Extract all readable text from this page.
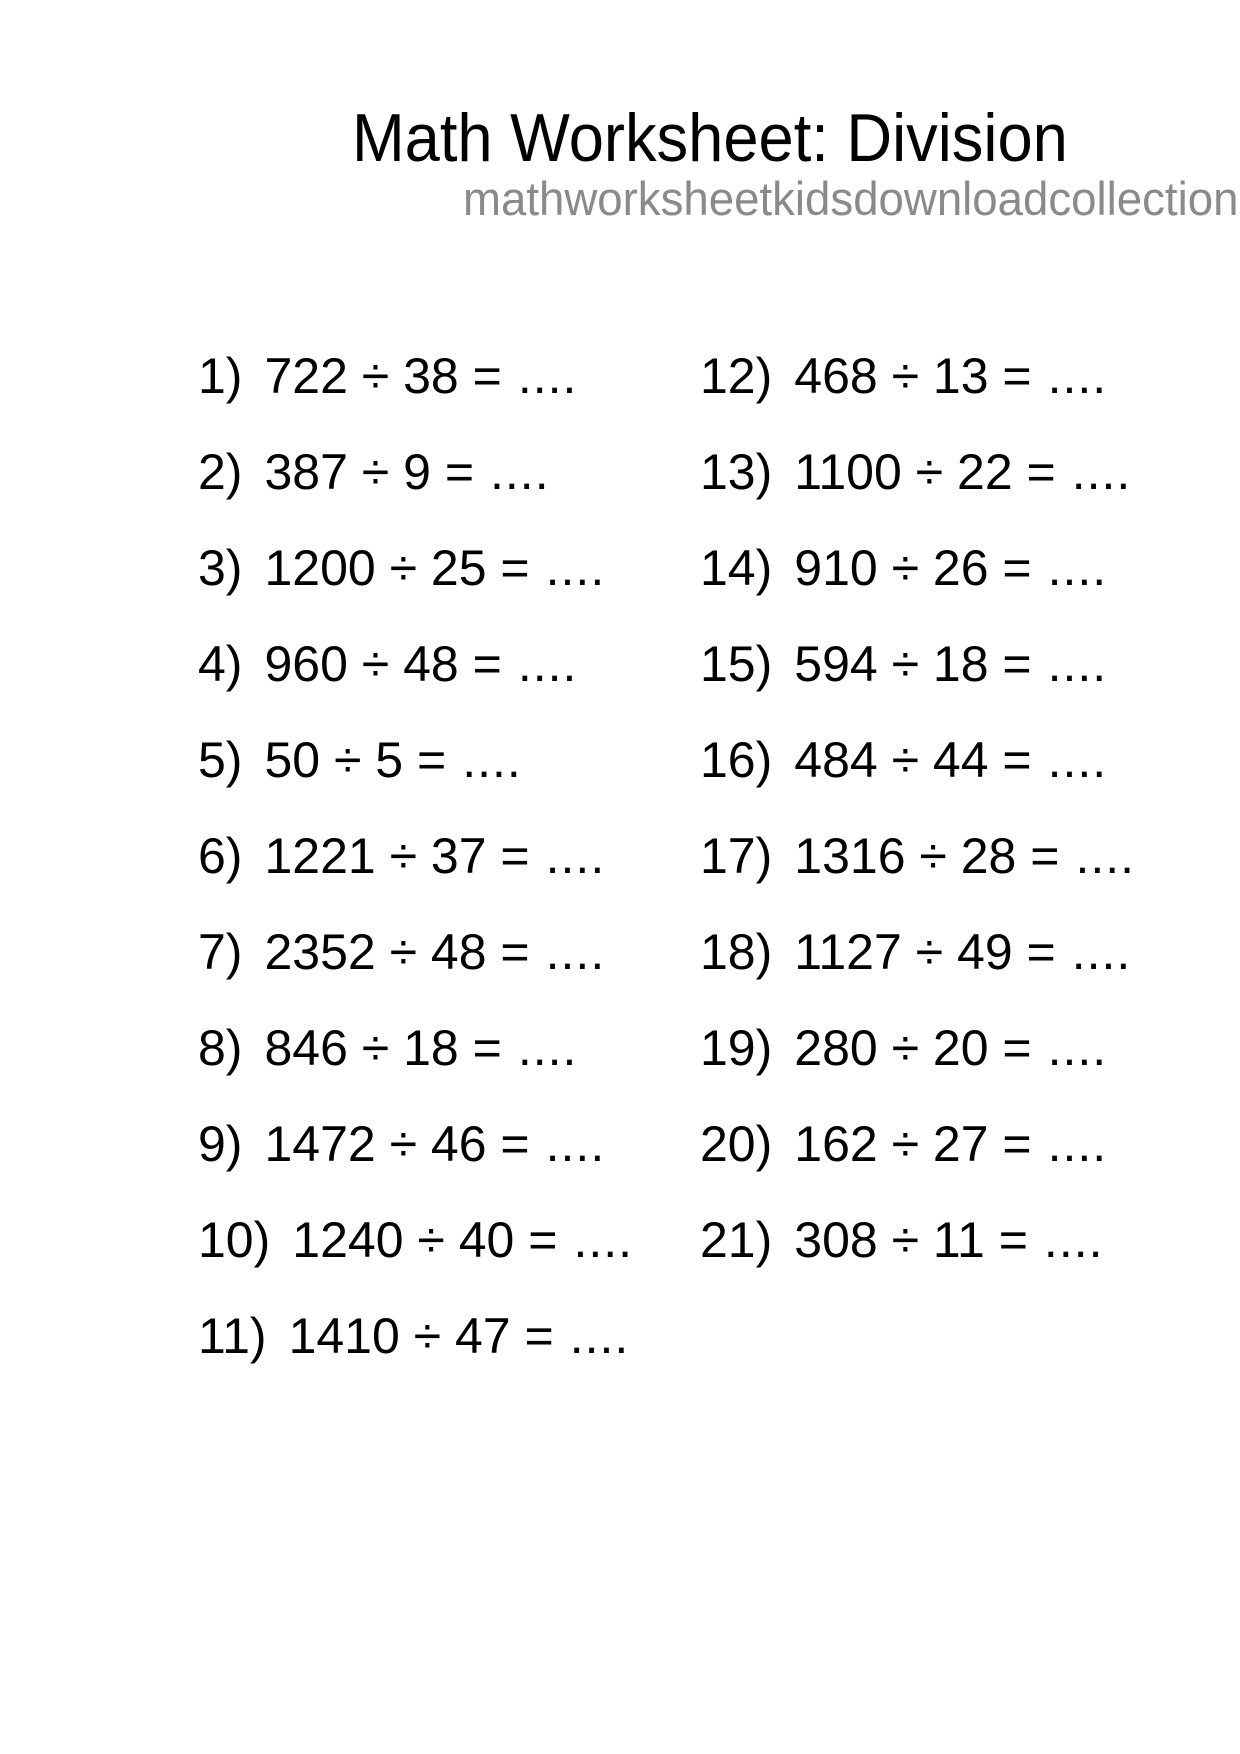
Math Worksheet: Division
mathworksheetkidsdownloadcollection
1) 722 ÷ 38 = ....
2) 387 ÷ 9 = ....
3) 1200 ÷ 25 = ....
4) 960 ÷ 48 = ....
5) 50 ÷ 5 = ....
6) 1221 ÷ 37 = ....
7) 2352 ÷ 48 = ....
8) 846 ÷ 18 = ....
9) 1472 ÷ 46 = ....
10) 1240 ÷ 40 = ....
11) 1410 ÷ 47 = ....
12) 468 ÷ 13 = ....
13) 1100 ÷ 22 = ....
14) 910 ÷ 26 = ....
15) 594 ÷ 18 = ....
16) 484 ÷ 44 = ....
17) 1316 ÷ 28 = ....
18) 1127 ÷ 49 = ....
19) 280 ÷ 20 = ....
20) 162 ÷ 27 = ....
21) 308 ÷ 11 = ....
